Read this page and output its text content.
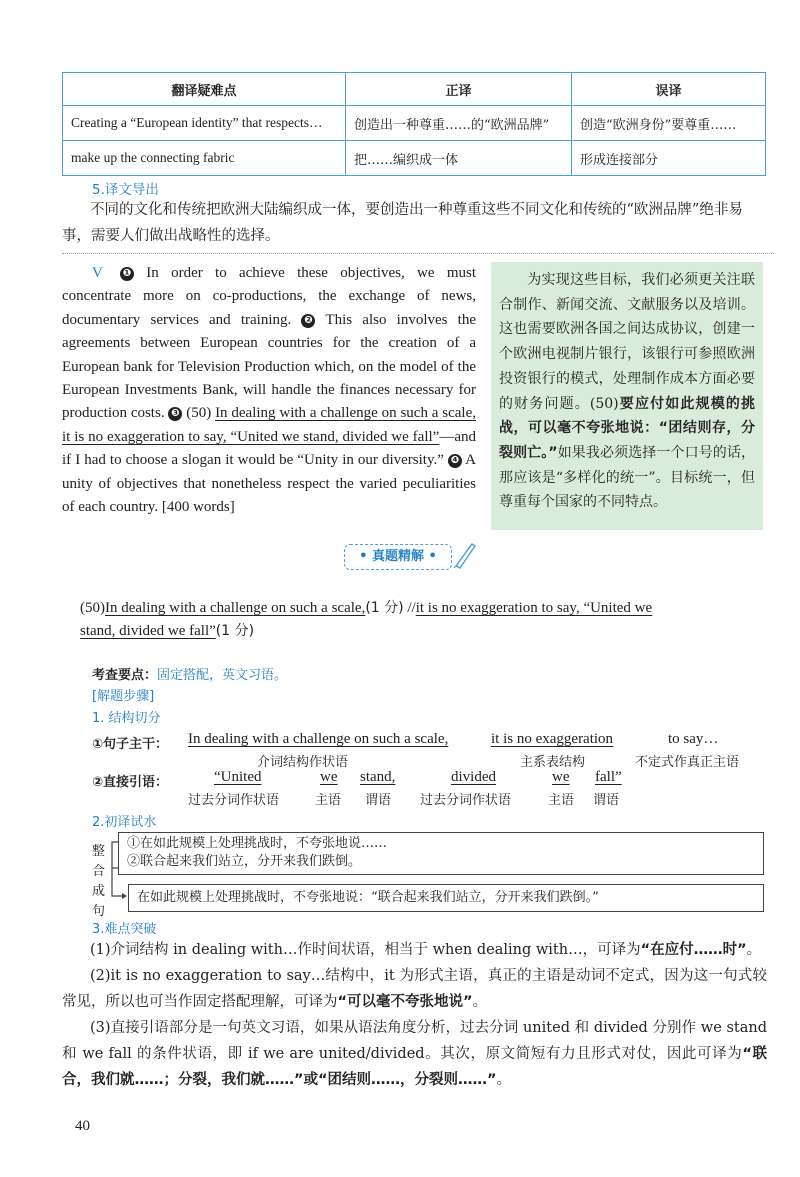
翻译疑难点	正译	误译
Creating a “European identity” that respects…	创造出一种尊重……的“欧洲品牌”	创造“欧洲身份”要尊重……
make up the connecting fabric	把……编织成一体	形成连接部分
5.译文导出
不同的文化和传统把欧洲大陆编织成一体，要创造出一种尊重这些不同文化和传统的“欧洲品牌”绝非易事，需要人们做出战略性的选择。
V ❶ In order to achieve these objectives, we must concentrate more on co-productions, the exchange of news, documentary services and training. ❷ This also involves the agreements between European countries for the creation of a European bank for Television Production which, on the model of the European Investments Bank, will handle the finances necessary for production costs. ❸ (50) In dealing with a challenge on such a scale, it is no exaggeration to say, “United we stand, divided we fall”—and if I had to choose a slogan it would be “Unity in our diversity.” ❹ A unity of objectives that nonetheless respect the varied peculiarities of each country. [400 words]
为实现这些目标，我们必须更关注联合制作、新闻交流、文献服务以及培训。这也需要欧洲各国之间达成协议，创建一个欧洲电视制片银行，该银行可参照欧洲投资银行的模式，处理制作成本方面必要的财务问题。(50)要应付如此规模的挑战，可以毫不夸张地说：“团结则存，分裂则亡。”如果我必须选择一个口号的话，那应该是“多样化的统一”。目标统一，但尊重每个国家的不同特点。
• 真题精解 •
(50)In dealing with a challenge on such a scale,(1 分) //it is no exaggeration to say, “United we
stand, divided we fall”(1 分)
考查要点：固定搭配，英文习语。
[解题步骤]
1. 结构切分
①句子主干： In dealing with a challenge on such a scale,	it is no exaggeration	to say…
介词结构作状语	主系表结构	不定式作真正主语
②直接引语：	“United	we stand,	divided	we fall”
过去分词作状语	主语 谓语 过去分词作状语	主语 谓语
2.初译试水
①在如此规模上处理挑战时，不夸张地说……
②联合起来我们站立，分开来我们跌倒。
整
合
成
句
在如此规模上处理挑战时，不夸张地说：“联合起来我们站立，分开来我们跌倒。”
3.难点突破
(1)介词结构 in dealing with…作时间状语，相当于 when dealing with…，可译为“在应付……时”。
(2)it is no exaggeration to say…结构中，it 为形式主语，真正的主语是动词不定式，因为这一句式较常见，所以也可当作固定搭配理解，可译为“可以毫不夸张地说”。
(3)直接引语部分是一句英文习语，如果从语法角度分析，过去分词 united 和 divided 分别作 we stand 和 we fall 的条件状语，即 if we are united/divided。其次，原文简短有力且形式对仗，因此可译为“联合，我们就……；分裂，我们就……”或“团结则……，分裂则……”。
40
